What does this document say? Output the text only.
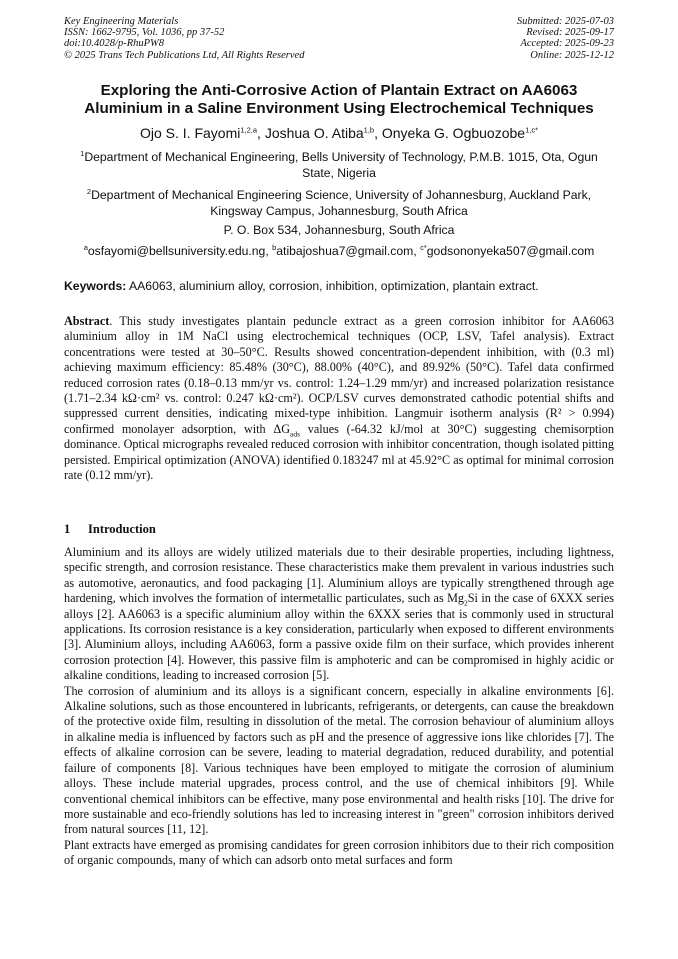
Key Engineering Materials
ISSN: 1662-9795, Vol. 1036, pp 37-52
doi:10.4028/p-RhuPW8
© 2025 Trans Tech Publications Ltd, All Rights Reserved
Submitted: 2025-07-03
Revised: 2025-09-17
Accepted: 2025-09-23
Online: 2025-12-12
Exploring the Anti-Corrosive Action of Plantain Extract on AA6063
Aluminium in a Saline Environment Using Electrochemical Techniques
Ojo S. I. Fayomi$^{1,2,a}$, Joshua O. Atiba$^{1,b}$, Onyeka G. Ogbuozobe$^{1,c*}$
$^1$Department of Mechanical Engineering, Bells University of Technology, P.M.B. 1015, Ota, Ogun State, Nigeria
$^2$Department of Mechanical Engineering Science, University of Johannesburg, Auckland Park, Kingsway Campus, Johannesburg, South Africa
P. O. Box 534, Johannesburg, South Africa
$^a$osfayomi@bellsuniversity.edu.ng, $^b$atibajoshua7@gmail.com, $^{c*}$godsononyeka507@gmail.com
Keywords: AA6063, aluminium alloy, corrosion, inhibition, optimization, plantain extract.
Abstract. This study investigates plantain peduncle extract as a green corrosion inhibitor for AA6063 aluminium alloy in 1M NaCl using electrochemical techniques (OCP, LSV, Tafel analysis). Extract concentrations were tested at 30–50°C. Results showed concentration-dependent inhibition, with (0.3 ml) achieving maximum efficiency: 85.48% (30°C), 88.00% (40°C), and 89.92% (50°C). Tafel data confirmed reduced corrosion rates (0.18–0.13 mm/yr vs. control: 1.24–1.29 mm/yr) and increased polarization resistance (1.71–2.34 kΩ·cm² vs. control: 0.247 kΩ·cm²). OCP/LSV curves demonstrated cathodic potential shifts and suppressed current densities, indicating mixed-type inhibition. Langmuir isotherm analysis (R² > 0.994) confirmed monolayer adsorption, with $\Delta G_{ads}$ values (-64.32 kJ/mol at 30°C) suggesting chemisorption dominance. Optical micrographs revealed reduced corrosion with inhibitor concentration, though isolated pitting persisted. Empirical optimization (ANOVA) identified 0.183247 ml at 45.92°C as optimal for minimal corrosion rate (0.12 mm/yr).
1 Introduction

Aluminium and its alloys are widely utilized materials due to their desirable properties, including lightness, specific strength, and corrosion resistance. These characteristics make them prevalent in various industries such as automotive, aeronautics, and food packaging [1]. Aluminium alloys are typically strengthened through age hardening, which involves the formation of intermetallic particulates, such as $Mg_2Si$ in the case of 6XXX series alloys [2]. AA6063 is a specific aluminium alloy within the 6XXX series that is commonly used in structural applications. Its corrosion resistance is a key consideration, particularly when exposed to different environments [3]. Aluminium alloys, including AA6063, form a passive oxide film on their surface, which provides inherent corrosion protection [4]. However, this passive film is amphoteric and can be compromised in highly acidic or alkaline conditions, leading to increased corrosion [5].

The corrosion of aluminium and its alloys is a significant concern, especially in alkaline environments [6]. Alkaline solutions, such as those encountered in lubricants, refrigerants, or detergents, can cause the breakdown of the protective oxide film, resulting in dissolution of the metal. The corrosion behaviour of aluminium alloys in alkaline media is influenced by factors such as pH and the presence of aggressive ions like chlorides [7]. The effects of alkaline corrosion can be severe, leading to material degradation, reduced durability, and potential failure of components [8]. Various techniques have been employed to mitigate the corrosion of aluminium alloys. These include material upgrades, process control, and the use of chemical inhibitors [9]. While conventional chemical inhibitors can be effective, many pose environmental and health risks [10]. The drive for more sustainable and eco-friendly solutions has led to increasing interest in "green" corrosion inhibitors derived from natural sources [11, 12].

Plant extracts have emerged as promising candidates for green corrosion inhibitors due to their rich composition of organic compounds, many of which can adsorb onto metal surfaces and form
